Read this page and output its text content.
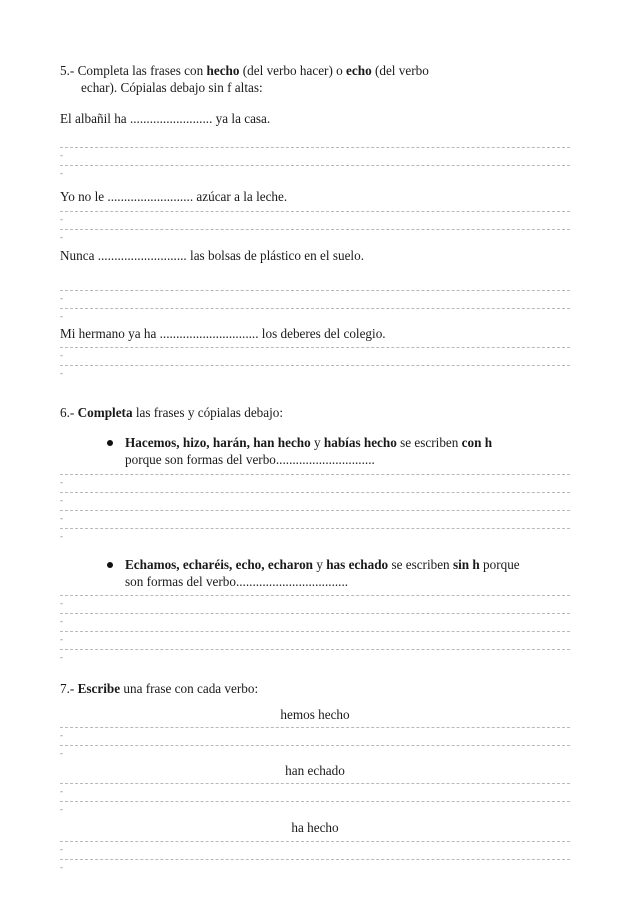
5.- Completa las frases con hecho (del verbo hacer) o echo (del verbo
echar). Cópialas debajo sin f altas:
El albañil ha ......................... ya la casa.
-
-
Yo no le .......................... azúcar a la leche.
-
-
Nunca ........................... las bolsas de plástico en el suelo.
-
-
Mi hermano ya ha .............................. los deberes del colegio.
-
-
6.- Completa las frases y cópialas debajo:
Hacemos, hizo, harán, han hecho y habías hecho se escriben con h
porque son formas del verbo..............................
-
-
-
-
Echamos, echaréis, echo, echaron y has echado se escriben sin h porque
son formas del verbo..................................
-
-
-
-
7.- Escribe una frase con cada verbo:
hemos hecho
-
-
han echado
-
-
ha hecho
-
-
